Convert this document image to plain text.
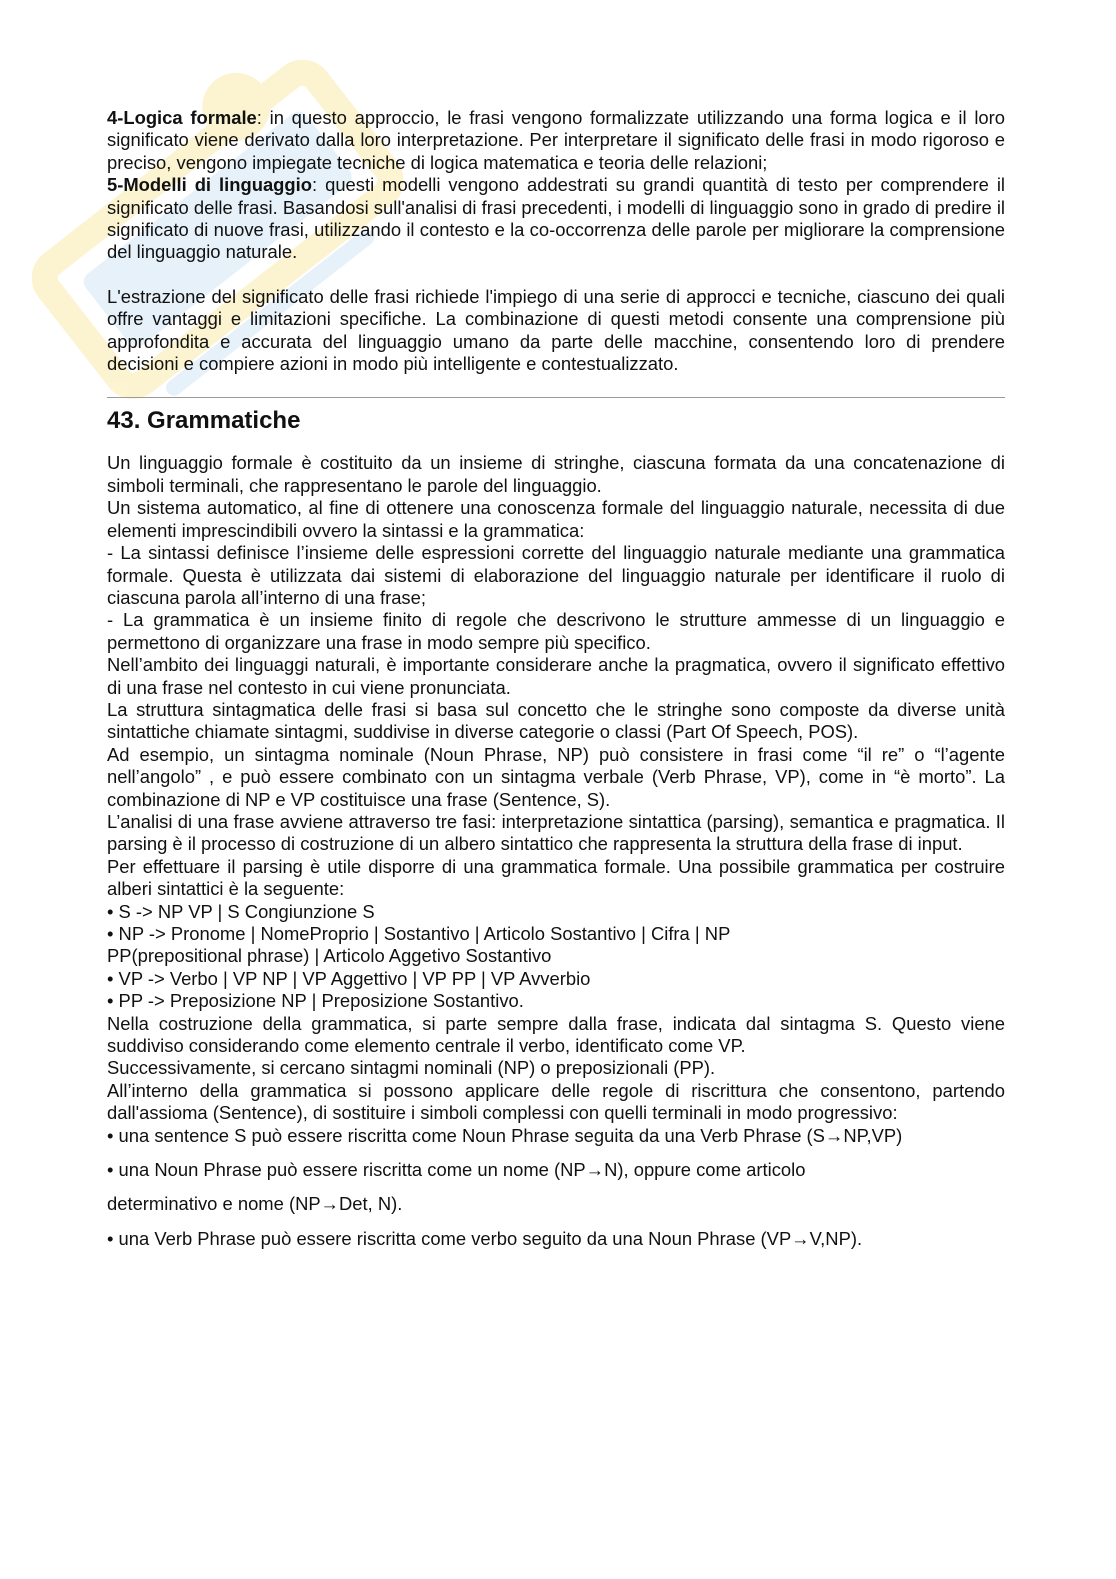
4-Logica formale: in questo approccio, le frasi vengono formalizzate utilizzando una forma logica e il loro significato viene derivato dalla loro interpretazione. Per interpretare il significato delle frasi in modo rigoroso e preciso, vengono impiegate tecniche di logica matematica e teoria delle relazioni;

5-Modelli di linguaggio: questi modelli vengono addestrati su grandi quantità di testo per comprendere il significato delle frasi. Basandosi sull'analisi di frasi precedenti, i modelli di linguaggio sono in grado di predire il significato di nuove frasi, utilizzando il contesto e la co-occorrenza delle parole per migliorare la comprensione del linguaggio naturale.

L'estrazione del significato delle frasi richiede l'impiego di una serie di approcci e tecniche, ciascuno dei quali offre vantaggi e limitazioni specifiche. La combinazione di questi metodi consente una comprensione più approfondita e accurata del linguaggio umano da parte delle macchine, consentendo loro di prendere decisioni e compiere azioni in modo più intelligente e contestualizzato.

43. Grammatiche

Un linguaggio formale è costituito da un insieme di stringhe, ciascuna formata da una concatenazione di simboli terminali, che rappresentano le parole del linguaggio.

Un sistema automatico, al fine di ottenere una conoscenza formale del linguaggio naturale, necessita di due elementi imprescindibili ovvero la sintassi e la grammatica:

- La sintassi definisce l’insieme delle espressioni corrette del linguaggio naturale mediante una grammatica formale. Questa è utilizzata dai sistemi di elaborazione del linguaggio naturale per identificare il ruolo di ciascuna parola all’interno di una frase;

- La grammatica è un insieme finito di regole che descrivono le strutture ammesse di un linguaggio e permettono di organizzare una frase in modo sempre più specifico.

Nell’ambito dei linguaggi naturali, è importante considerare anche la pragmatica, ovvero il significato effettivo di una frase nel contesto in cui viene pronunciata.

La struttura sintagmatica delle frasi si basa sul concetto che le stringhe sono composte da diverse unità sintattiche chiamate sintagmi, suddivise in diverse categorie o classi (Part Of Speech, POS).

Ad esempio, un sintagma nominale (Noun Phrase, NP) può consistere in frasi come “il re” o “l’agente nell’angolo” , e può essere combinato con un sintagma verbale (Verb Phrase, VP), come in “è morto”. La combinazione di NP e VP costituisce una frase (Sentence, S).

L’analisi di una frase avviene attraverso tre fasi: interpretazione sintattica (parsing), semantica e pragmatica. Il parsing è il processo di costruzione di un albero sintattico che rappresenta la struttura della frase di input.

Per effettuare il parsing è utile disporre di una grammatica formale. Una possibile grammatica per costruire alberi sintattici è la seguente:

• S -> NP VP | S Congiunzione S

• NP -> Pronome | NomeProprio | Sostantivo | Articolo Sostantivo | Cifra | NP

PP(prepositional phrase) | Articolo Aggetivo Sostantivo

• VP -> Verbo | VP NP | VP Aggettivo | VP PP | VP Avverbio

• PP -> Preposizione NP | Preposizione Sostantivo.

Nella costruzione della grammatica, si parte sempre dalla frase, indicata dal sintagma S. Questo viene suddiviso considerando come elemento centrale il verbo, identificato come VP.

Successivamente, si cercano sintagmi nominali (NP) o preposizionali (PP).

All’interno della grammatica si possono applicare delle regole di riscrittura che consentono, partendo dall'assioma (Sentence), di sostituire i simboli complessi con quelli terminali in modo progressivo:

• una sentence S può essere riscritta come Noun Phrase seguita da una Verb Phrase (S→NP,VP)

• una Noun Phrase può essere riscritta come un nome (NP→N), oppure come articolo

determinativo e nome (NP→Det, N).

• una Verb Phrase può essere riscritta come verbo seguito da una Noun Phrase (VP→V,NP).
